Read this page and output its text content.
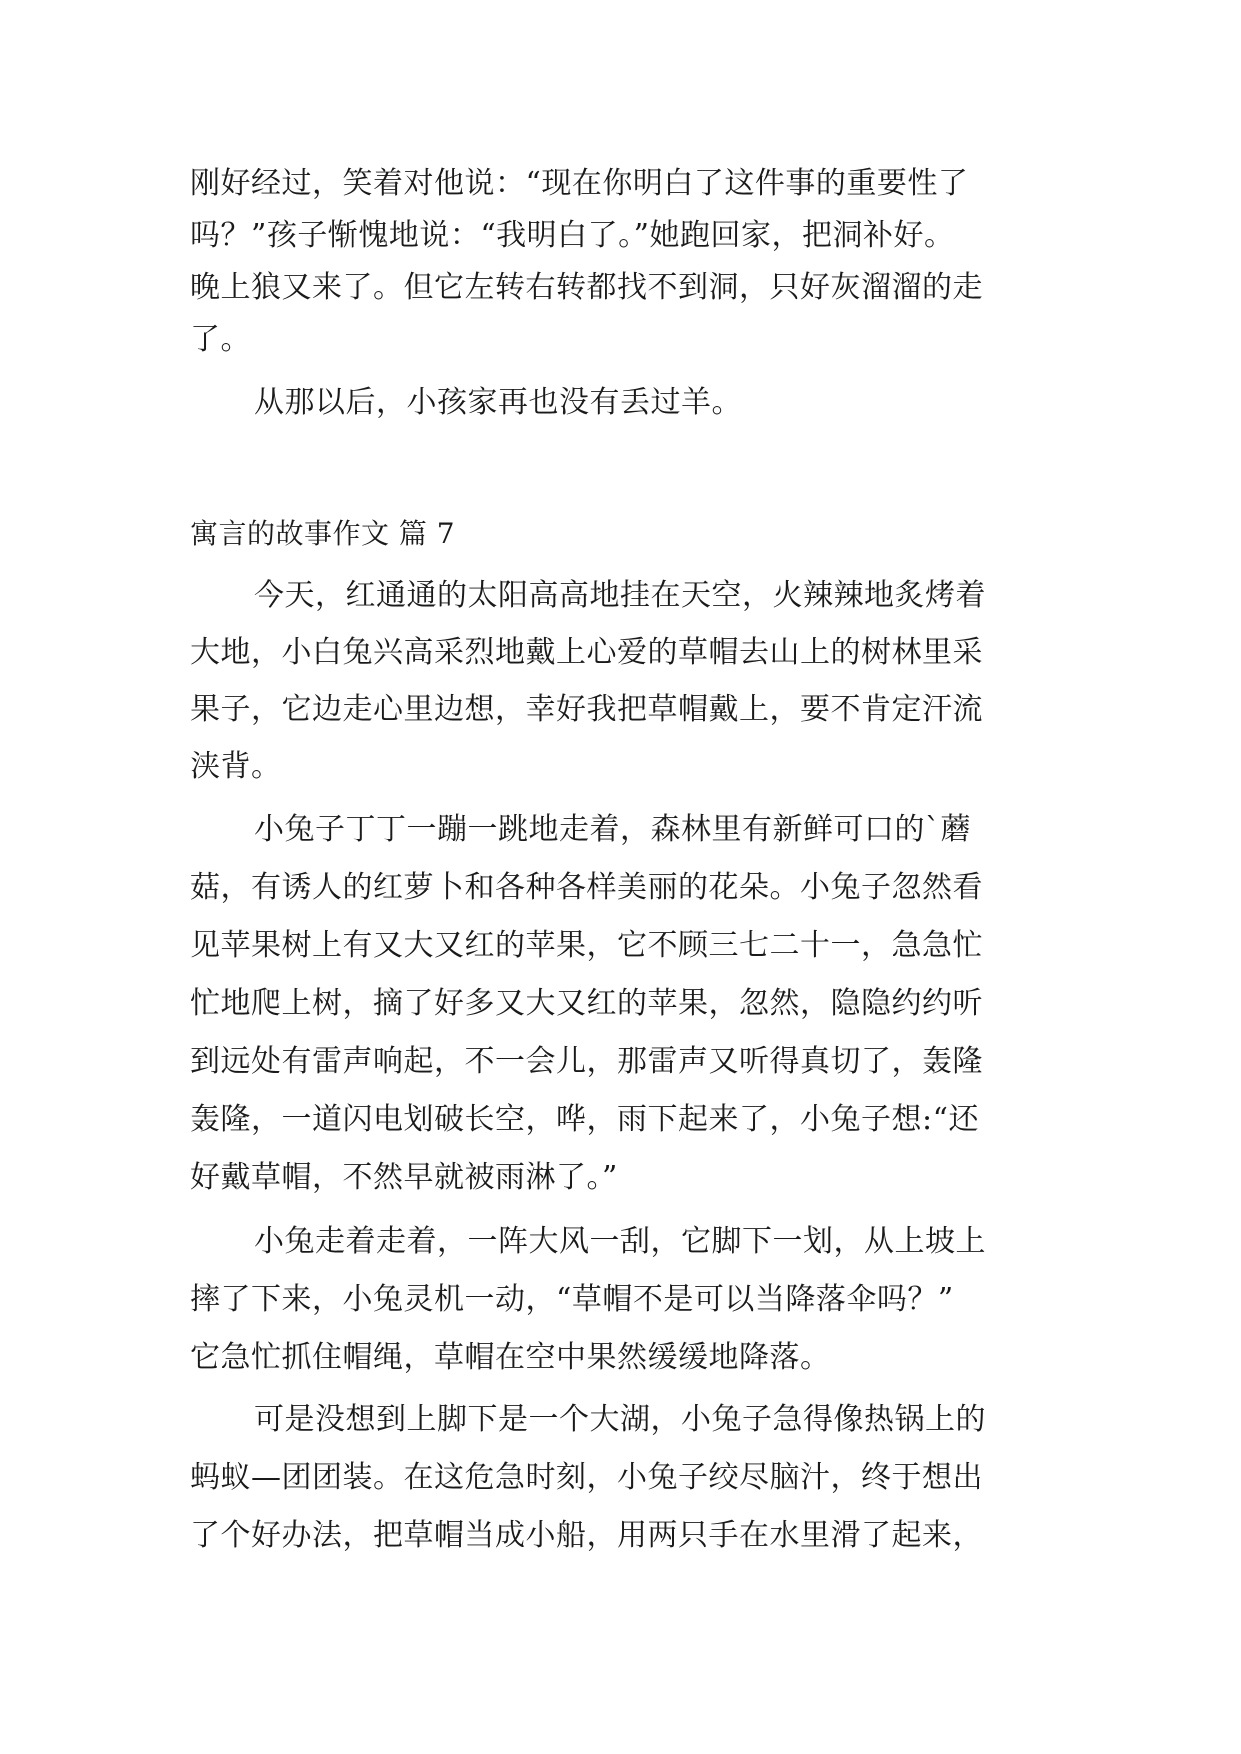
刚好经过，笑着对他说：“现在你明白了这件事的重要性了
吗？”孩子惭愧地说：“我明白了。”她跑回家，把洞补好。
晚上狼又来了。但它左转右转都找不到洞，只好灰溜溜的走
了。
从那以后，小孩家再也没有丢过羊。
寓言的故事作文 篇 7
今天，红通通的太阳高高地挂在天空，火辣辣地炙烤着
大地，小白兔兴高采烈地戴上心爱的草帽去山上的树林里采
果子，它边走心里边想，幸好我把草帽戴上，要不肯定汗流
浃背。
小兔子丁丁一蹦一跳地走着，森林里有新鲜可口的`蘑
菇，有诱人的红萝卜和各种各样美丽的花朵。小兔子忽然看
见苹果树上有又大又红的苹果，它不顾三七二十一，急急忙
忙地爬上树，摘了好多又大又红的苹果，忽然，隐隐约约听
到远处有雷声响起，不一会儿，那雷声又听得真切了，轰隆
轰隆，一道闪电划破长空，哗，雨下起来了，小兔子想:“还
好戴草帽，不然早就被雨淋了。”
小兔走着走着，一阵大风一刮，它脚下一划，从上坡上
摔了下来，小兔灵机一动，“草帽不是可以当降落伞吗？”
它急忙抓住帽绳，草帽在空中果然缓缓地降落。
可是没想到上脚下是一个大湖，小兔子急得像热锅上的
蚂蚁—团团装。在这危急时刻，小兔子绞尽脑汁，终于想出
了个好办法，把草帽当成小船，用两只手在水里滑了起来，
